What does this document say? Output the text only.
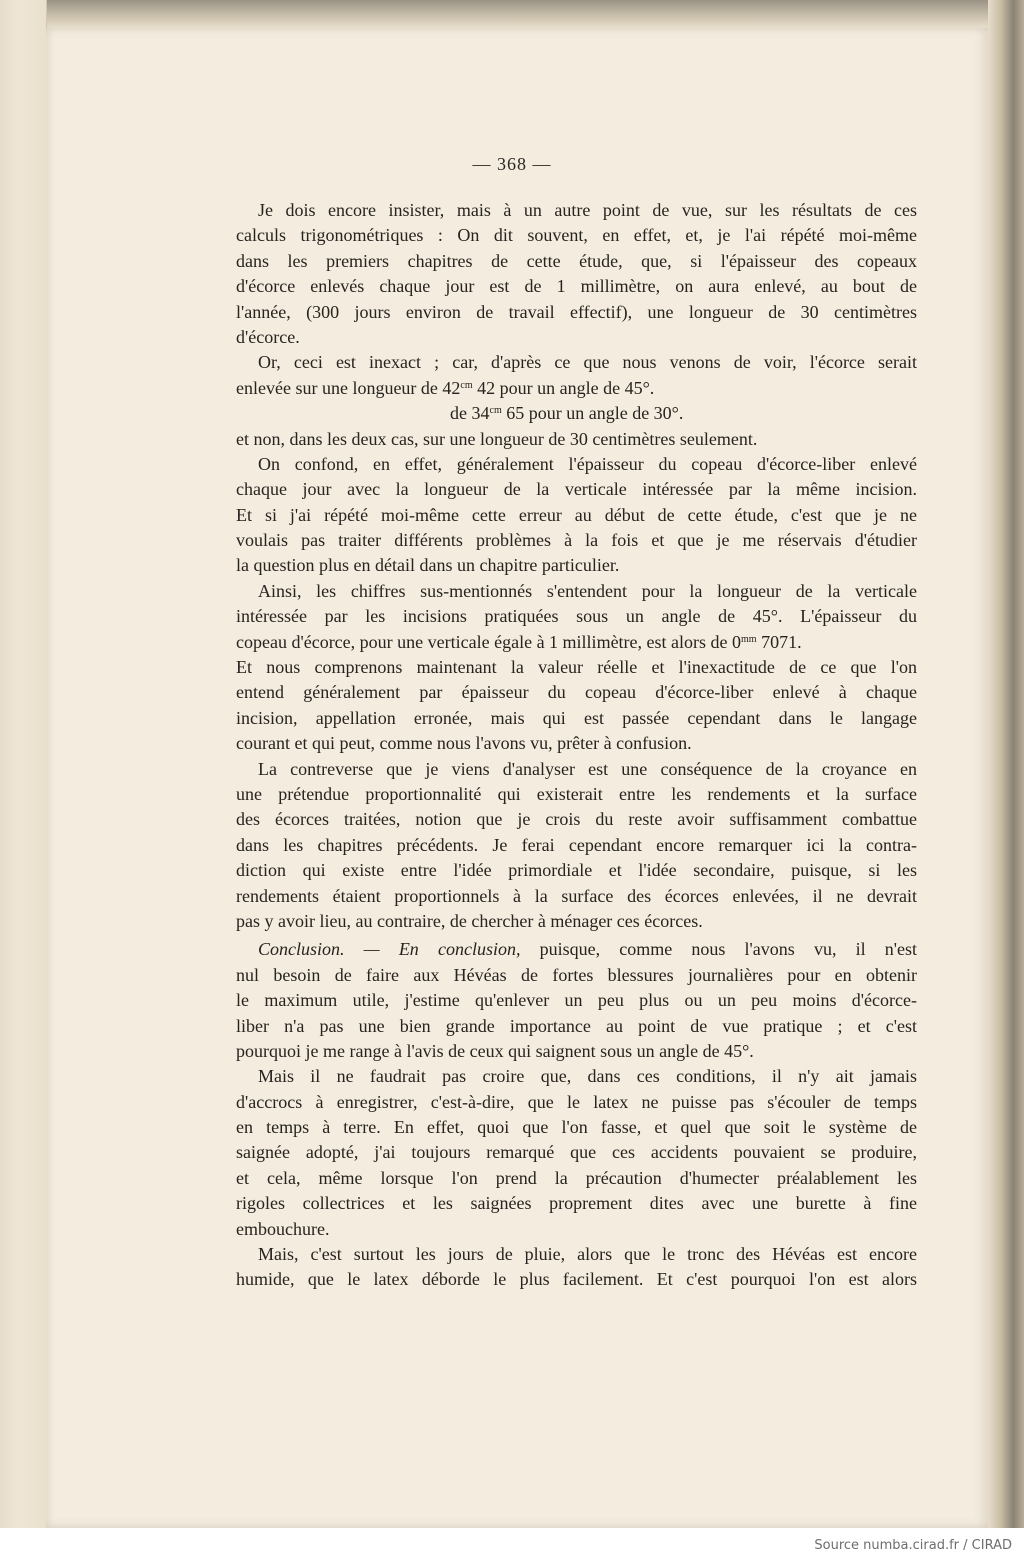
— 368 —
Je dois encore insister, mais à un autre point de vue, sur les résultats de ces
calculs trigonométriques : On dit souvent, en effet, et, je l'ai répété moi-même
dans les premiers chapitres de cette étude, que, si l'épaisseur des copeaux
d'écorce enlevés chaque jour est de 1 millimètre, on aura enlevé, au bout de
l'année, (300 jours environ de travail effectif), une longueur de 30 centimètres
d'écorce.
Or, ceci est inexact ; car, d'après ce que nous venons de voir, l'écorce serait
enlevée sur une longueur de $42^{cm}$ 42 pour un angle de 45°.
de $34^{cm}$ 65 pour un angle de 30°.
et non, dans les deux cas, sur une longueur de 30 centimètres seulement.
On confond, en effet, généralement l'épaisseur du copeau d'écorce-liber enlevé
chaque jour avec la longueur de la verticale intéressée par la même incision.
Et si j'ai répété moi-même cette erreur au début de cette étude, c'est que je ne
voulais pas traiter différents problèmes à la fois et que je me réservais d'étudier
la question plus en détail dans un chapitre particulier.
Ainsi, les chiffres sus-mentionnés s'entendent pour la longueur de la verticale
intéressée par les incisions pratiquées sous un angle de 45°. L'épaisseur du
copeau d'écorce, pour une verticale égale à 1 millimètre, est alors de $0^{mm}$ 7071.
Et nous comprenons maintenant la valeur réelle et l'inexactitude de ce que l'on
entend généralement par épaisseur du copeau d'écorce-liber enlevé à chaque
incision, appellation erronée, mais qui est passée cependant dans le langage
courant et qui peut, comme nous l'avons vu, prêter à confusion.
La contreverse que je viens d'analyser est une conséquence de la croyance en
une prétendue proportionnalité qui existerait entre les rendements et la surface
des écorces traitées, notion que je crois du reste avoir suffisamment combattue
dans les chapitres précédents. Je ferai cependant encore remarquer ici la contra-
diction qui existe entre l'idée primordiale et l'idée secondaire, puisque, si les
rendements étaient proportionnels à la surface des écorces enlevées, il ne devrait
pas y avoir lieu, au contraire, de chercher à ménager ces écorces.
Conclusion. — En conclusion, puisque, comme nous l'avons vu, il n'est
nul besoin de faire aux Hévéas de fortes blessures journalières pour en obtenir
le maximum utile, j'estime qu'enlever un peu plus ou un peu moins d'écorce-
liber n'a pas une bien grande importance au point de vue pratique ; et c'est
pourquoi je me range à l'avis de ceux qui saignent sous un angle de 45°.
Mais il ne faudrait pas croire que, dans ces conditions, il n'y ait jamais
d'accrocs à enregistrer, c'est-à-dire, que le latex ne puisse pas s'écouler de temps
en temps à terre. En effet, quoi que l'on fasse, et quel que soit le système de
saignée adopté, j'ai toujours remarqué que ces accidents pouvaient se produire,
et cela, même lorsque l'on prend la précaution d'humecter préalablement les
rigoles collectrices et les saignées proprement dites avec une burette à fine
embouchure.
Mais, c'est surtout les jours de pluie, alors que le tronc des Hévéas est encore
humide, que le latex déborde le plus facilement. Et c'est pourquoi l'on est alors
Source numba.cirad.fr / CIRAD
